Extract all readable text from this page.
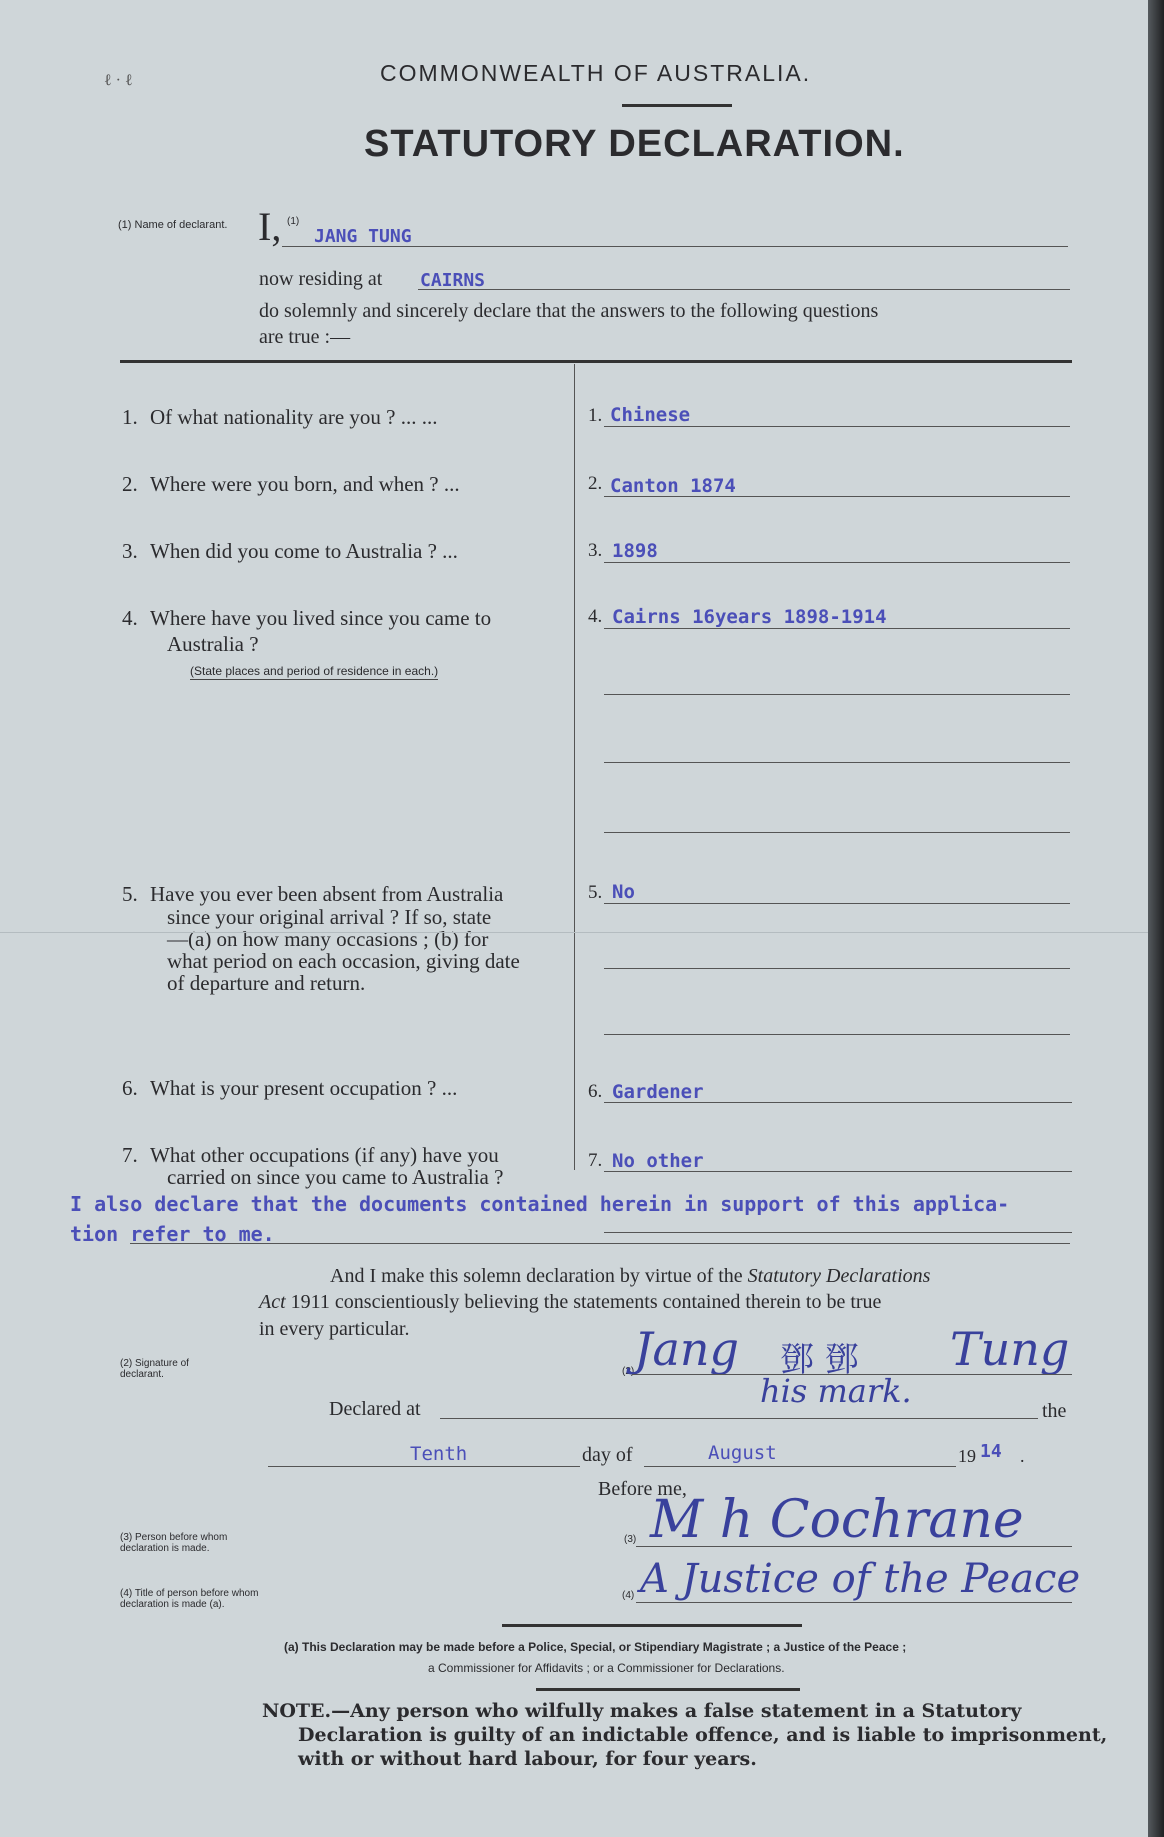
ℓ · ℓ	COMMONWEALTH OF AUSTRALIA.
STATUTORY DECLARATION.
(1) Name of declarant. I, (1)
JANG TUNG
now residing at CAIRNS
do solemnly and sincerely declare that the answers to the following questions
are true :—
1. Of what nationality are you ? ... ...	1. Chinese
2. Where were you born, and when ? ...	2. Canton 1874
3. When did you come to Australia ? ...	3. 1898
4. Where have you lived since you came to
Australia ?
(State places and period of residence in each.)
4. Cairns 16years 1898-1914
5. Have you ever been absent from Australia
since your original arrival ? If so, state
—(a) on how many occasions ; (b) for
what period on each occasion, giving date
of departure and return.
5. No
6. What is your present occupation ? ...	6. Gardener
7. What other occupations (if any) have you
carried on since you came to Australia ?
7. No other
I also declare that the documents contained herein in support of this applica-
tion refer to me.
And I make this solemn declaration by virtue of the Statutory Declarations
Act 1911 conscientiously believing the statements contained therein to be true
in every particular.
(2) Signature of declarant.	(2) Jang 鄧 鄧 Tung
his mark.
Declared at	the
Tenth	day of	August	19 14 .
Before me,
(3) Person before whom declaration is made.
(3) M h Cochrane
(4) Title of person before whom declaration is made (a).
(4) A Justice of the Peace
(a) This Declaration may be made before a Police, Special, or Stipendiary Magistrate ; a Justice of the Peace ;
a Commissioner for Affidavits ; or a Commissioner for Declarations.
NOTE.—Any person who wilfully makes a false statement in a Statutory
Declaration is guilty of an indictable offence, and is liable to imprisonment,
with or without hard labour, for four years.
